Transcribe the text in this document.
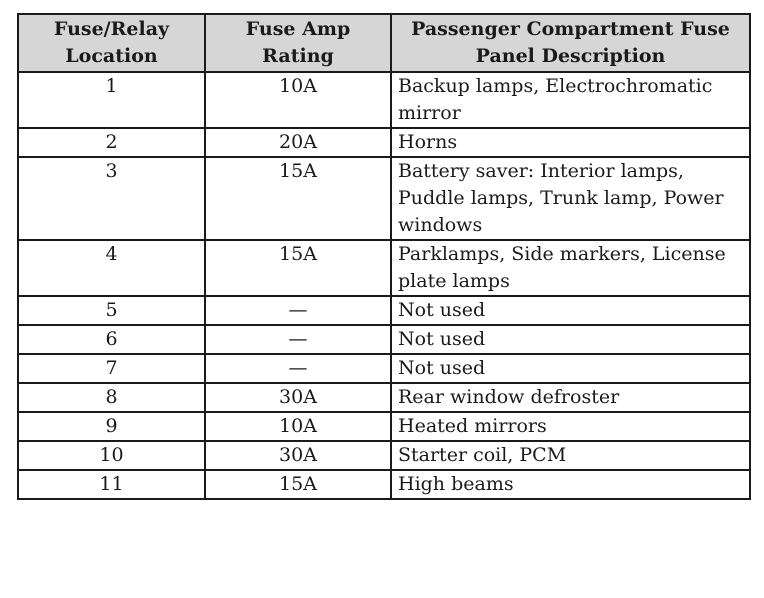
Fuse/Relay Location	Fuse Amp Rating	Passenger Compartment Fuse Panel Description
1	10A	Backup lamps, Electrochromatic mirror
2	20A	Horns
3	15A	Battery saver: Interior lamps, Puddle lamps, Trunk lamp, Power windows
4	15A	Parklamps, Side markers, License plate lamps
5	—	Not used
6	—	Not used
7	—	Not used
8	30A	Rear window defroster
9	10A	Heated mirrors
10	30A	Starter coil, PCM
11	15A	High beams
